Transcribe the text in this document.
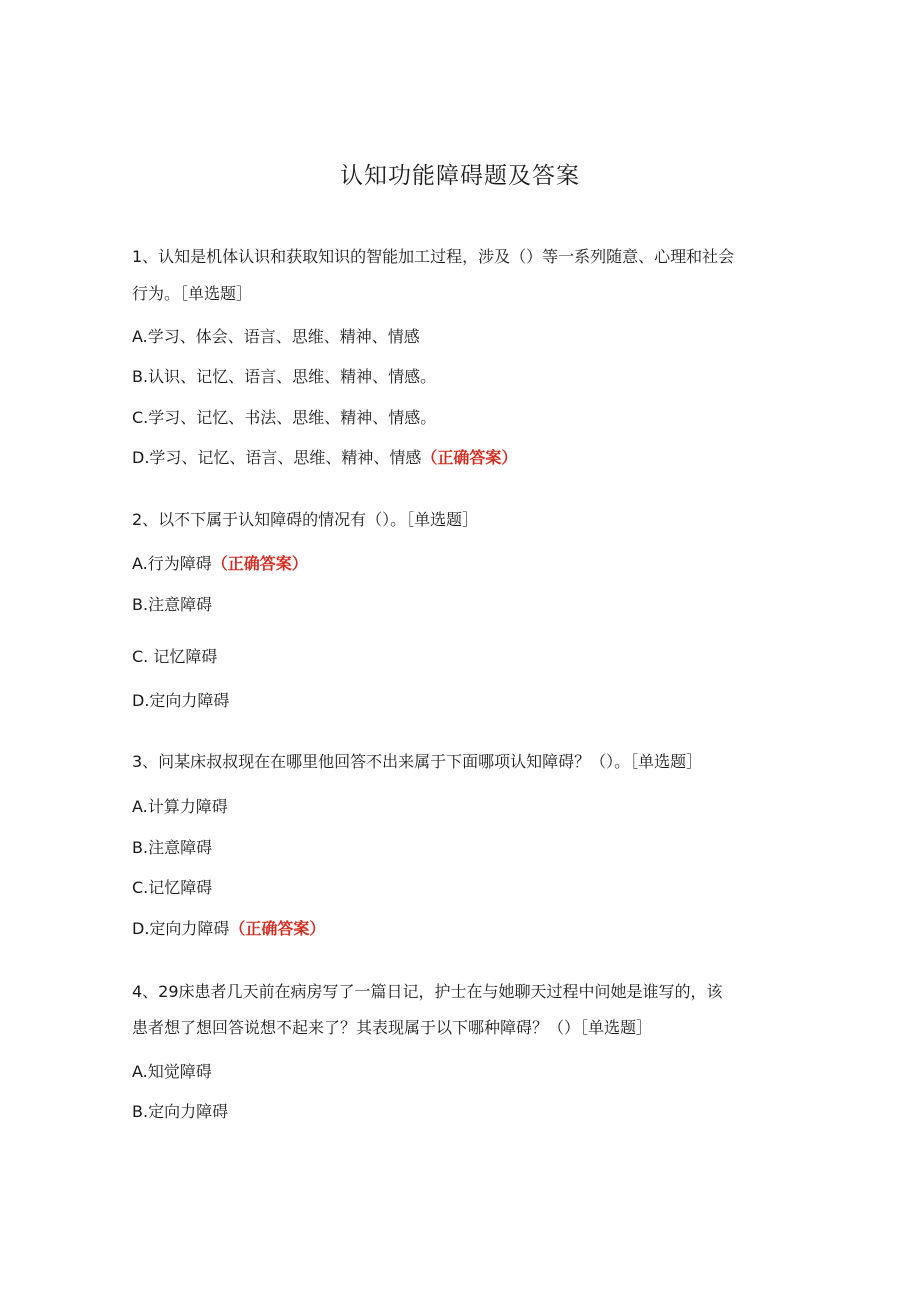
认知功能障碍题及答案
1、认知是机体认识和获取知识的智能加工过程，涉及（）等一系列随意、心理和社会
行为。［单选题］
A.学习、体会、语言、思维、精神、情感
B.认识、记忆、语言、思维、精神、情感。
C.学习、记忆、书法、思维、精神、情感。
D.学习、记忆、语言、思维、精神、情感（正确答案）
2、以不下属于认知障碍的情况有（）。［单选题］
A.行为障碍（正确答案）
B.注意障碍
C. 记忆障碍
D.定向力障碍
3、问某床叔叔现在在哪里他回答不出来属于下面哪项认知障碍？（）。［单选题］
A.计算力障碍
B.注意障碍
C.记忆障碍
D.定向力障碍（正确答案）
4、29床患者几天前在病房写了一篇日记，护士在与她聊天过程中问她是谁写的，该
患者想了想回答说想不起来了？其表现属于以下哪种障碍？（）［单选题］
A.知觉障碍
B.定向力障碍
